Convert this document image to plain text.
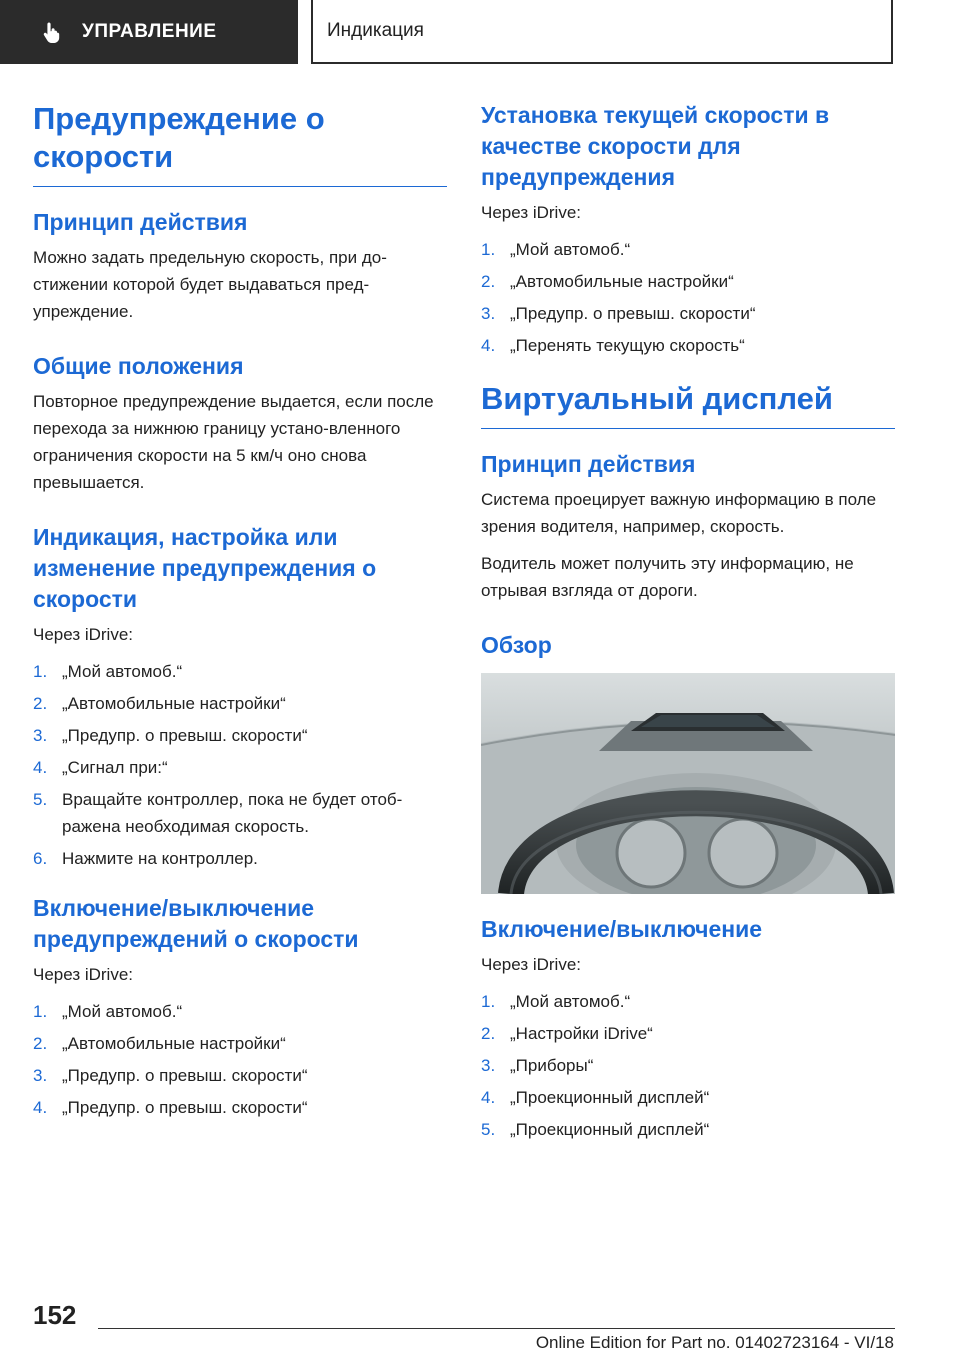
УПРАВЛЕНИЕ	Индикация
Предупреждение о скорости
Принцип действия
Можно задать предельную скорость, при до-стижении которой будет выдаваться пред-упреждение.
Общие положения
Повторное предупреждение выдается, если после перехода за нижнюю границу устано-вленного ограничения скорости на 5 км/ч оно снова превышается.
Индикация, настройка или изменение предупреждения о скорости
Через iDrive:
1. „Мой автомоб.“
2. „Автомобильные настройки“
3. „Предупр. о превыш. скорости“
4. „Сигнал при:“
5. Вращайте контроллер, пока не будет отоб-ражена необходимая скорость.
6. Нажмите на контроллер.
Включение/выключение предупреждений о скорости
Через iDrive:
1. „Мой автомоб.“
2. „Автомобильные настройки“
3. „Предупр. о превыш. скорости“
4. „Предупр. о превыш. скорости“
Установка текущей скорости в качестве скорости для предупреждения
Через iDrive:
1. „Мой автомоб.“
2. „Автомобильные настройки“
3. „Предупр. о превыш. скорости“
4. „Перенять текущую скорость“
Виртуальный дисплей
Принцип действия
Система проецирует важную информацию в поле зрения водителя, например, скорость.
Водитель может получить эту информацию, не отрывая взгляда от дороги.
Обзор
Включение/выключение
Через iDrive:
1. „Мой автомоб.“
2. „Настройки iDrive“
3. „Приборы“
4. „Проекционный дисплей“
5. „Проекционный дисплей“
152
Online Edition for Part no. 01402723164 - VI/18
